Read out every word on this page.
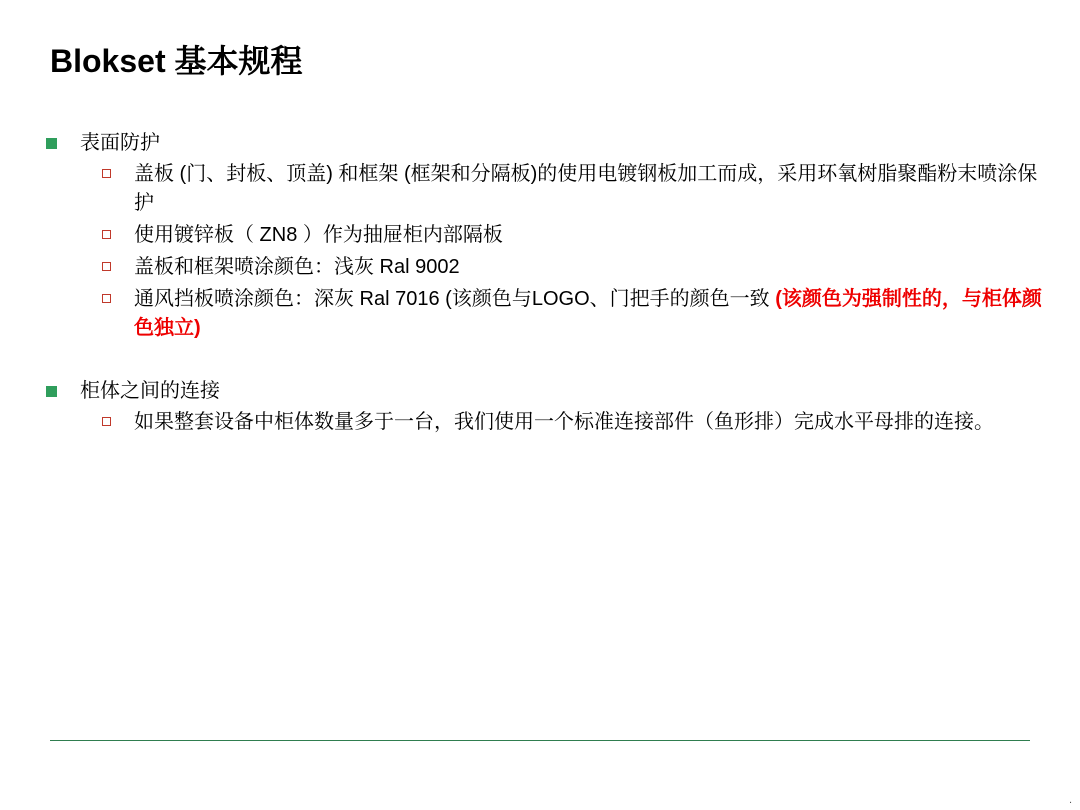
Blokset 基本规程
表面防护
盖板 (门、封板、顶盖) 和框架 (框架和分隔板)的使用电镀钢板加工而成，采用环氧树脂聚酯粉末喷涂保护
使用镀锌板（ ZN8 ）作为抽屉柜内部隔板
盖板和框架喷涂颜色：浅灰 Ral 9002
通风挡板喷涂颜色：深灰 Ral 7016 (该颜色与LOGO、门把手的颜色一致 (该颜色为强制性的，与柜体颜色独立)
柜体之间的连接
如果整套设备中柜体数量多于一台，我们使用一个标准连接部件（鱼形排）完成水平母排的连接。
.
